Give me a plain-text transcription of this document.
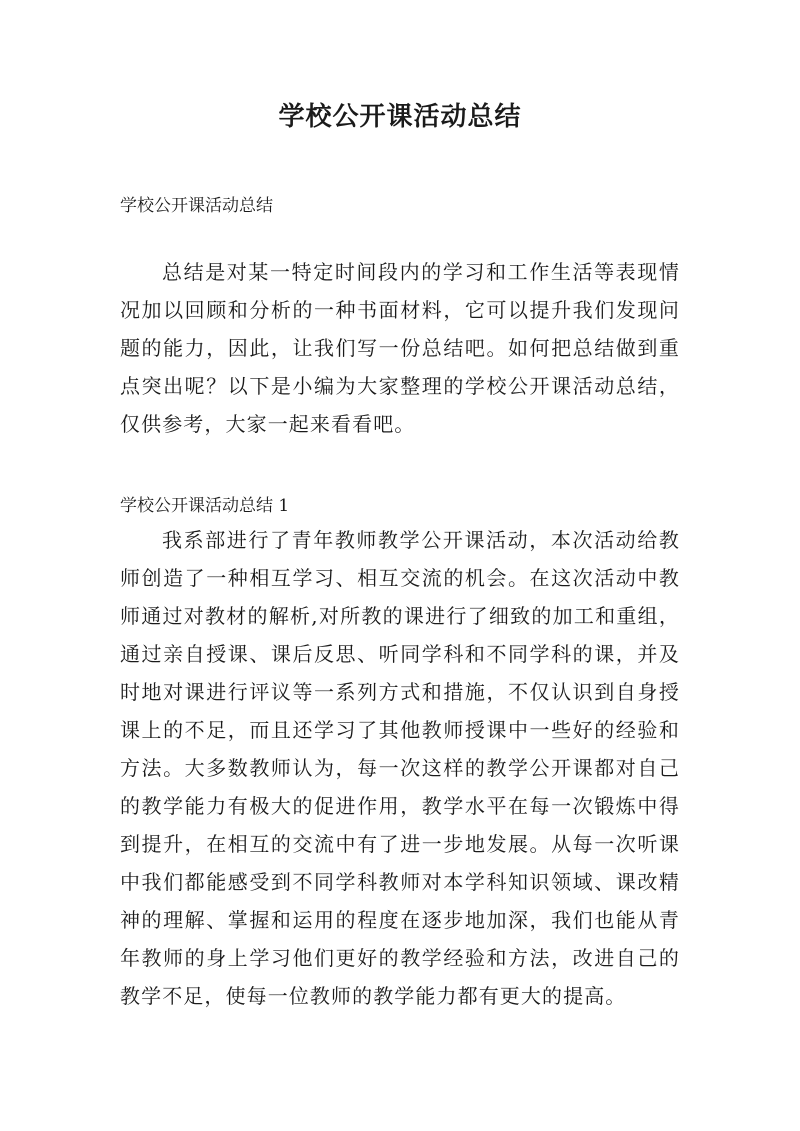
学校公开课活动总结

学校公开课活动总结

总结是对某一特定时间段内的学习和工作生活等表现情况加以回顾和分析的一种书面材料，它可以提升我们发现问题的能力，因此，让我们写一份总结吧。如何把总结做到重点突出呢？以下是小编为大家整理的学校公开课活动总结，仅供参考，大家一起来看看吧。

学校公开课活动总结 1

我系部进行了青年教师教学公开课活动，本次活动给教师创造了一种相互学习、相互交流的机会。在这次活动中教师通过对教材的解析,对所教的课进行了细致的加工和重组，通过亲自授课、课后反思、听同学科和不同学科的课，并及时地对课进行评议等一系列方式和措施，不仅认识到自身授课上的不足，而且还学习了其他教师授课中一些好的经验和方法。大多数教师认为，每一次这样的教学公开课都对自己的教学能力有极大的促进作用，教学水平在每一次锻炼中得到提升，在相互的交流中有了进一步地发展。从每一次听课中我们都能感受到不同学科教师对本学科知识领域、课改精神的理解、掌握和运用的程度在逐步地加深，我们也能从青年教师的身上学习他们更好的教学经验和方法，改进自己的教学不足，使每一位教师的教学能力都有更大的提高。
